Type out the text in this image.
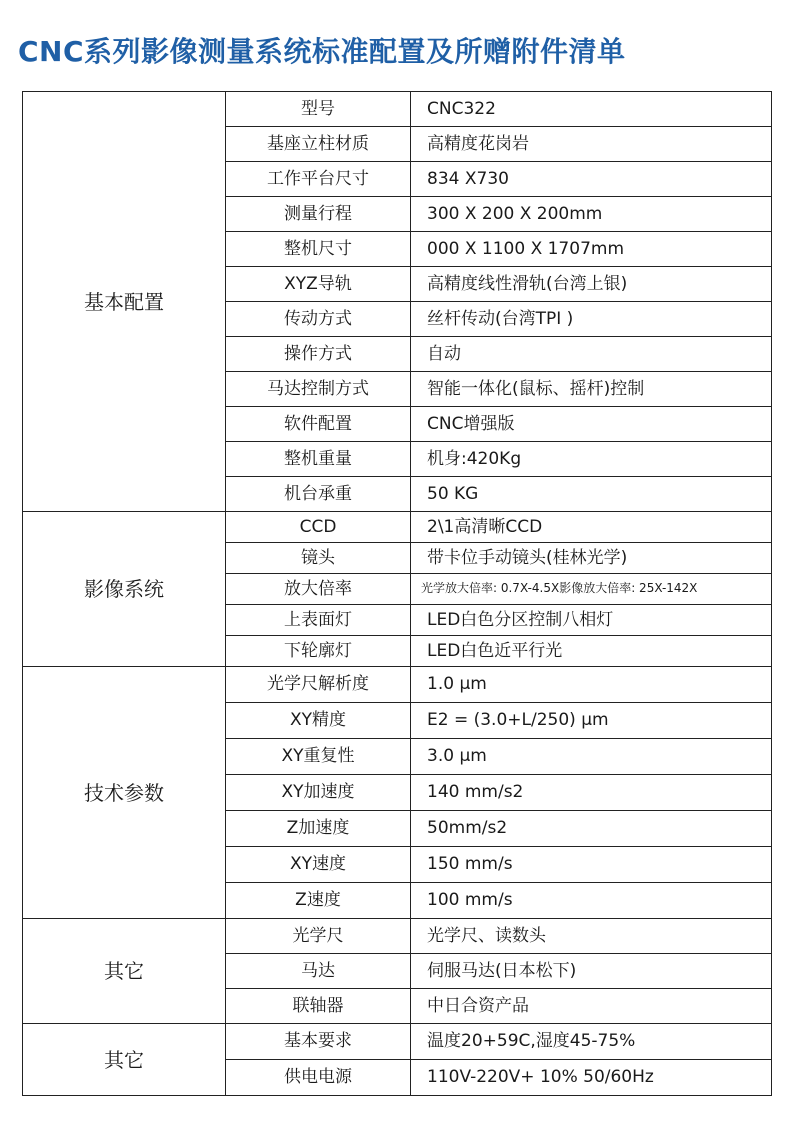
CNC系列影像测量系统标准配置及所赠附件清单
基本配置	型号	CNC322
	基座立柱材质	高精度花岗岩
	工作平台尺寸	834 X730
	测量行程	300 X 200 X 200mm
	整机尺寸	000 X 1100 X 1707mm
	XYZ导轨	高精度线性滑轨(台湾上银)
	传动方式	丝杆传动(台湾TPI )
	操作方式	自动
	马达控制方式	智能一体化(鼠标、摇杆)控制
	软件配置	CNC增强版
	整机重量	机身:420Kg
	机台承重	50 KG
影像系统	CCD	2\1高清晰CCD
	镜头	带卡位手动镜头(桂林光学)
	放大倍率	光学放大倍率: 0.7X-4.5X影像放大倍率: 25X-142X
	上表面灯	LED白色分区控制八相灯
	下轮廓灯	LED白色近平行光
技术参数	光学尺解析度	1.0 µm
	XY精度	E2 = (3.0+L/250) µm
	XY重复性	3.0 µm
	XY加速度	140 mm/s2
	Z加速度	50mm/s2
	XY速度	150 mm/s
	Z速度	100 mm/s
其它	光学尺	光学尺、读数头
	马达	伺服马达(日本松下)
	联轴器	中日合资产品
其它	基本要求	温度20+59C,湿度45-75%
	供电电源	110V-220V+ 10% 50/60Hz
